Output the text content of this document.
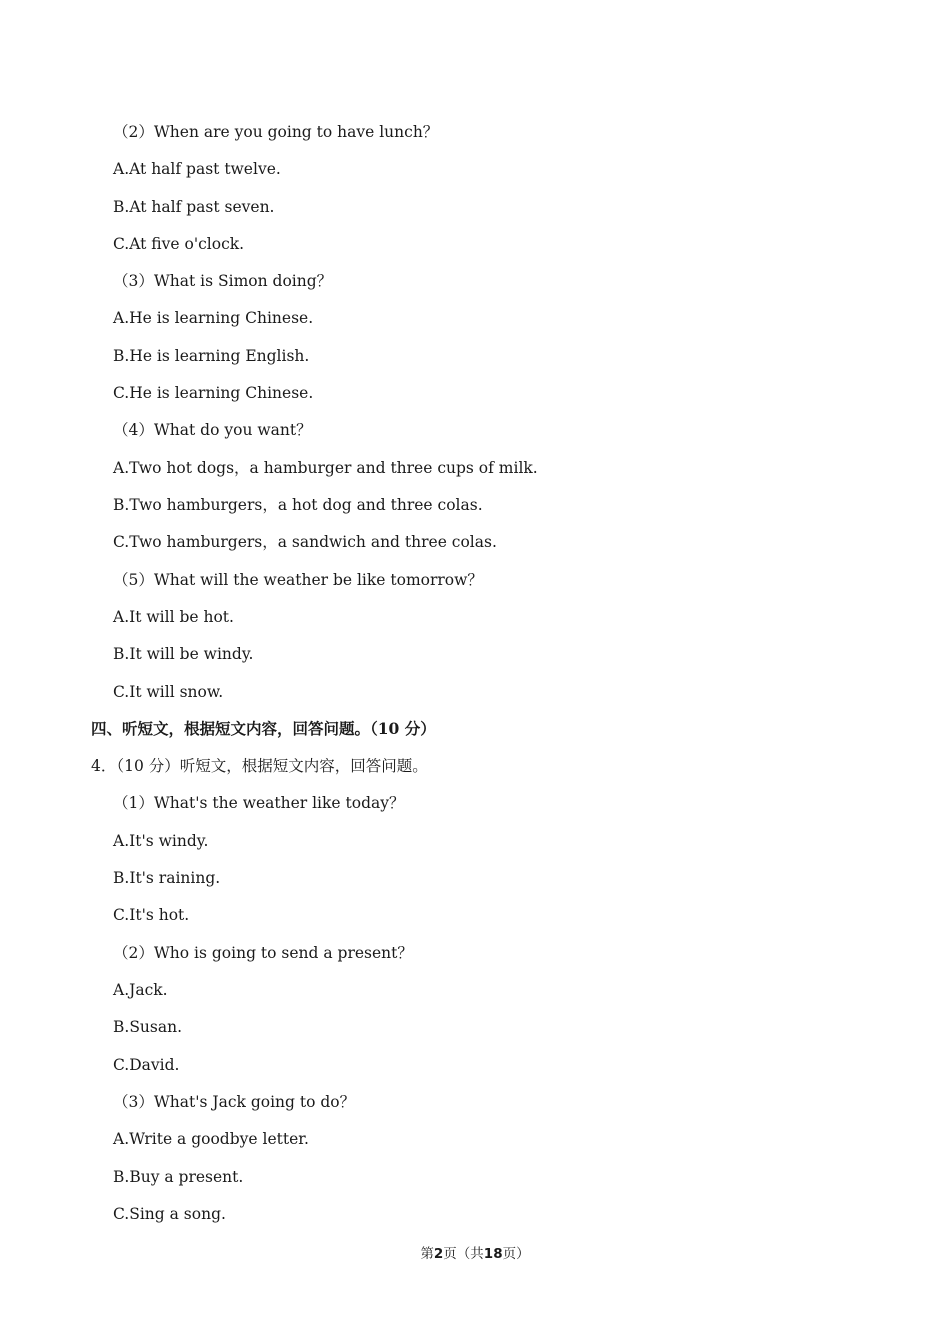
（2）When are you going to have lunch？
A.At half past twelve.
B.At half past seven.
C.At five o'clock.
（3）What is Simon doing？
A.He is learning Chinese.
B.He is learning English.
C.He is learning Chinese.
（4）What do you want？
A.Two hot dogs，a hamburger and three cups of milk.
B.Two hamburgers，a hot dog and three colas.
C.Two hamburgers，a sandwich and three colas.
（5）What will the weather be like tomorrow？
A.It will be hot.
B.It will be windy.
C.It will snow.
四、听短文，根据短文内容，回答问题。（10 分）
4．（10 分）听短文，根据短文内容，回答问题。
（1）What's the weather like today？
A.It's windy.
B.It's raining.
C.It's hot.
（2）Who is going to send a present？
A.Jack.
B.Susan.
C.David.
（3）What's Jack going to do？
A.Write a goodbye letter.
B.Buy a present.
C.Sing a song.
第2页（共18页）
